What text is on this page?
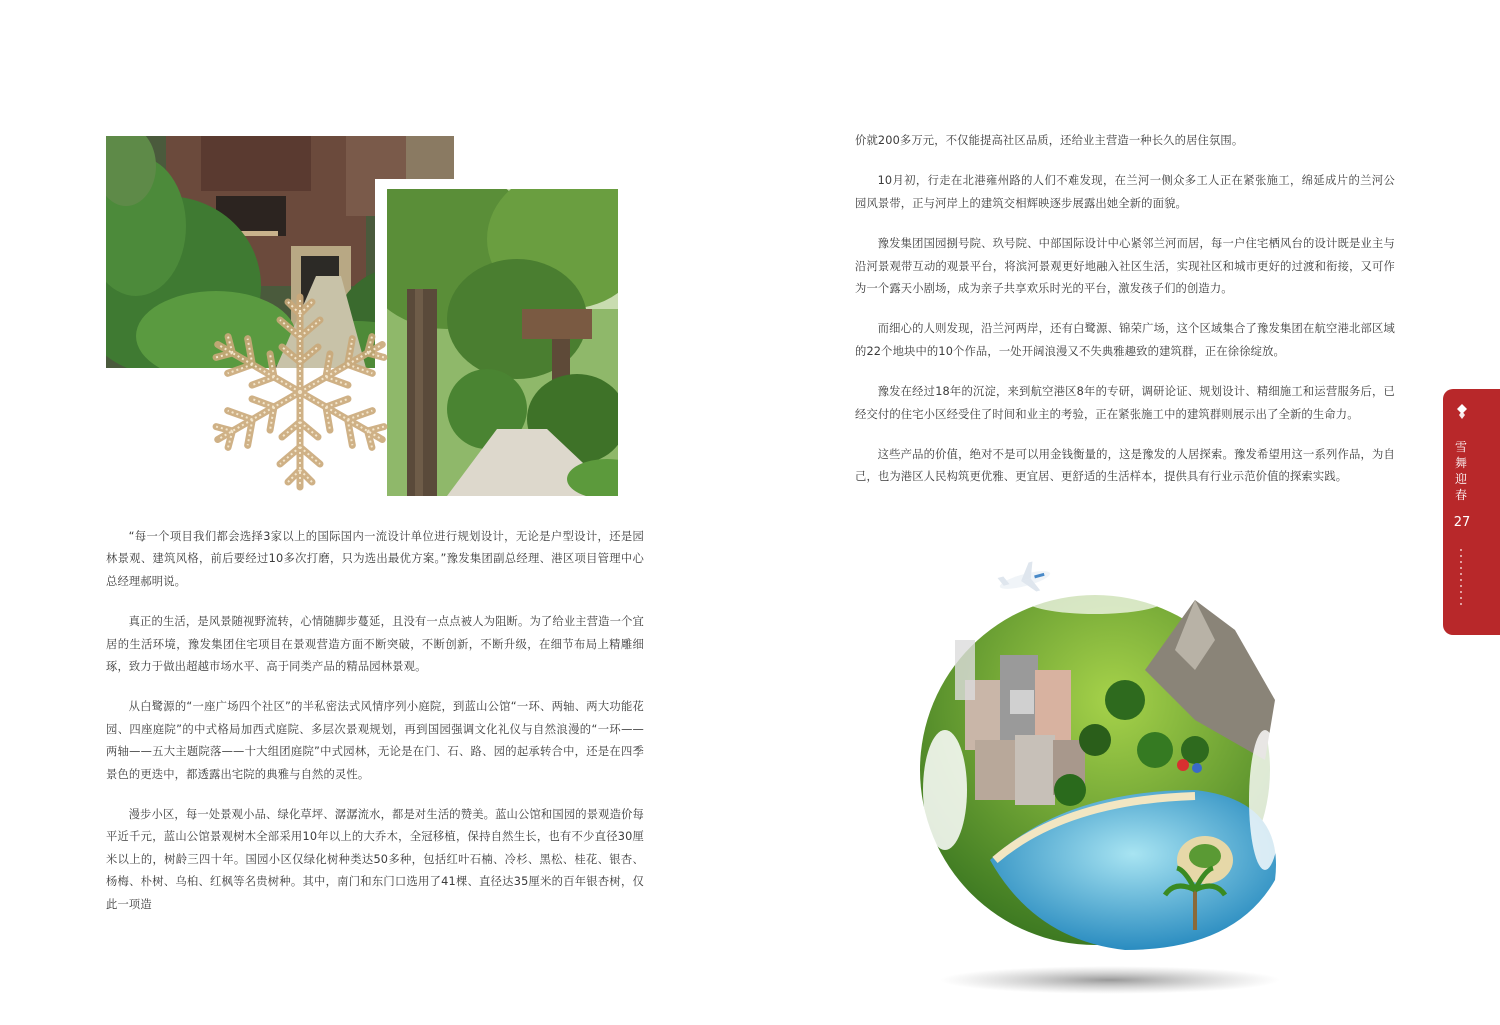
“每一个项目我们都会选择3家以上的国际国内一流设计单位进行规划设计，无论是户型设计，还是园林景观、建筑风格，前后要经过10多次打磨，只为选出最优方案。”豫发集团副总经理、港区项目管理中心总经理郝明说。

真正的生活，是风景随视野流转，心情随脚步蔓延，且没有一点点被人为阻断。为了给业主营造一个宜居的生活环境，豫发集团住宅项目在景观营造方面不断突破，不断创新，不断升级，在细节布局上精雕细琢，致力于做出超越市场水平、高于同类产品的精品园林景观。

从白鹭源的“一座广场四个社区”的半私密法式风情序列小庭院，到蓝山公馆“一环、两轴、两大功能花园、四座庭院”的中式格局加西式庭院、多层次景观规划，再到国园强调文化礼仪与自然浪漫的“一环——两轴——五大主题院落——十大组团庭院”中式园林，无论是在门、石、路、园的起承转合中，还是在四季景色的更迭中，都透露出宅院的典雅与自然的灵性。

漫步小区，每一处景观小品、绿化草坪、潺潺流水，都是对生活的赞美。蓝山公馆和国园的景观造价每平近千元，蓝山公馆景观树木全部采用10年以上的大乔木，全冠移植，保持自然生长，也有不少直径30厘米以上的，树龄三四十年。国园小区仅绿化树种类达50多种，包括红叶石楠、冷杉、黑松、桂花、银杏、杨梅、朴树、乌桕、红枫等名贵树种。其中，南门和东门口选用了41棵、直径达35厘米的百年银杏树，仅此一项造

价就200多万元，不仅能提高社区品质，还给业主营造一种长久的居住氛围。

10月初，行走在北港雍州路的人们不难发现，在兰河一侧众多工人正在紧张施工，绵延成片的兰河公园风景带，正与河岸上的建筑交相辉映逐步展露出她全新的面貌。

豫发集团国园捌号院、玖号院、中部国际设计中心紧邻兰河而居，每一户住宅栖风台的设计既是业主与沿河景观带互动的观景平台，将滨河景观更好地融入社区生活，实现社区和城市更好的过渡和衔接，又可作为一个露天小剧场，成为亲子共享欢乐时光的平台，激发孩子们的创造力。

而细心的人则发现，沿兰河两岸，还有白鹭源、锦荣广场，这个区域集合了豫发集团在航空港北部区域的22个地块中的10个作品，一处开阔浪漫又不失典雅趣致的建筑群，正在徐徐绽放。

豫发在经过18年的沉淀，来到航空港区8年的专研，调研论证、规划设计、精细施工和运营服务后，已经交付的住宅小区经受住了时间和业主的考验，正在紧张施工中的建筑群则展示出了全新的生命力。

这些产品的价值，绝对不是可以用金钱衡量的，这是豫发的人居探索。豫发希望用这一系列作品，为自己，也为港区人民构筑更优雅、更宜居、更舒适的生活样本，提供具有行业示范价值的探索实践。

雪
舞
迎
春
27
